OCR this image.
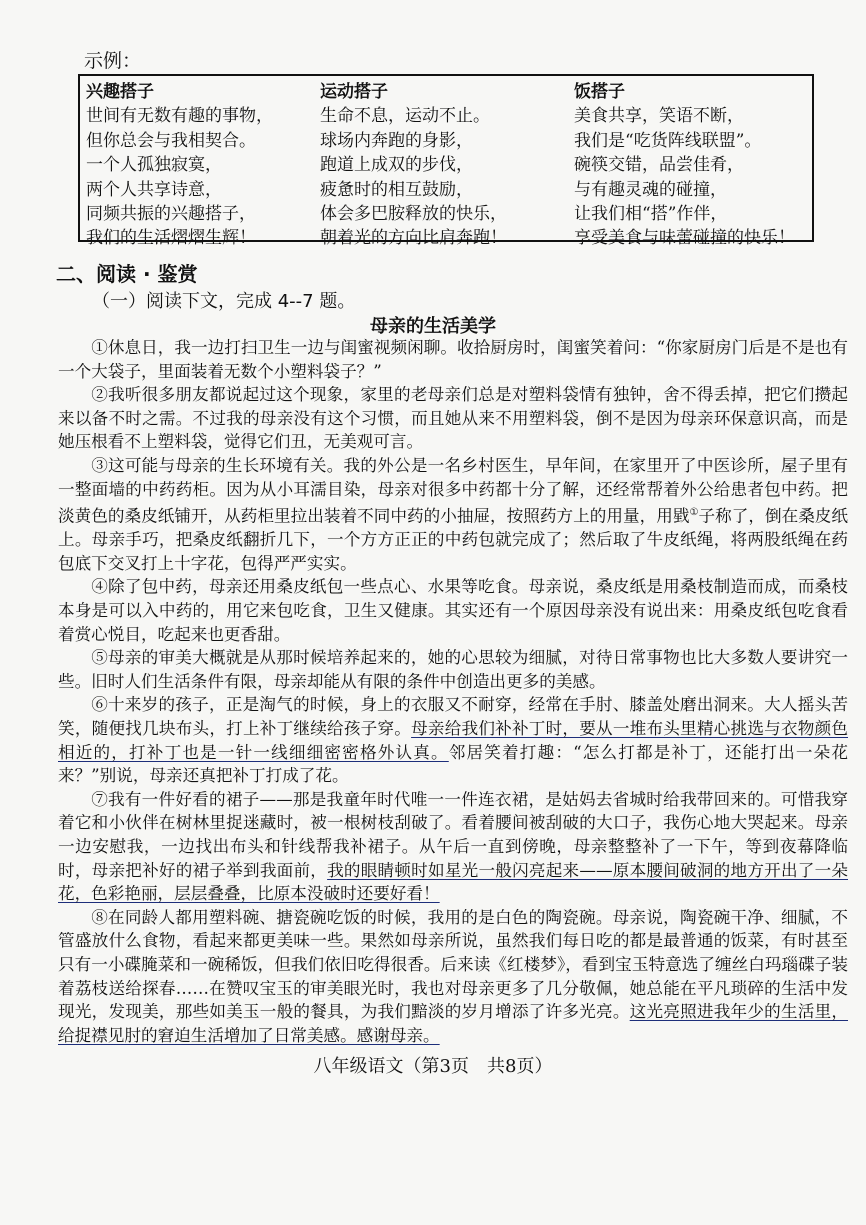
示例：
兴趣搭子
世间有无数有趣的事物，
但你总会与我相契合。
一个人孤独寂寞，
两个人共享诗意，
同频共振的兴趣搭子，
我们的生活熠熠生辉！
运动搭子
生命不息，运动不止。
球场内奔跑的身影，
跑道上成双的步伐，
疲惫时的相互鼓励，
体会多巴胺释放的快乐，
朝着光的方向比肩奔跑！
饭搭子
美食共享，笑语不断，
我们是“吃货阵线联盟”。
碗筷交错，品尝佳肴，
与有趣灵魂的碰撞，
让我们相“搭”作伴，
享受美食与味蕾碰撞的快乐！
二、阅读 · 鉴赏
（一）阅读下文，完成 4--7 题。
母亲的生活美学

①休息日，我一边打扫卫生一边与闺蜜视频闲聊。收拾厨房时，闺蜜笑着问：“你家厨房门后是不是也有一个大袋子，里面装着无数个小塑料袋子？”

②我听很多朋友都说起过这个现象，家里的老母亲们总是对塑料袋情有独钟，舍不得丢掉，把它们攒起来以备不时之需。不过我的母亲没有这个习惯，而且她从来不用塑料袋，倒不是因为母亲环保意识高，而是她压根看不上塑料袋，觉得它们丑，无美观可言。

③这可能与母亲的生长环境有关。我的外公是一名乡村医生，早年间，在家里开了中医诊所，屋子里有一整面墙的中药药柜。因为从小耳濡目染，母亲对很多中药都十分了解，还经常帮着外公给患者包中药。把淡黄色的桑皮纸铺开，从药柜里拉出装着不同中药的小抽屉，按照药方上的用量，用戥①子称了，倒在桑皮纸上。母亲手巧，把桑皮纸翻折几下，一个方方正正的中药包就完成了；然后取了牛皮纸绳，将两股纸绳在药包底下交叉打上十字花，包得严严实实。

④除了包中药，母亲还用桑皮纸包一些点心、水果等吃食。母亲说，桑皮纸是用桑枝制造而成，而桑枝本身是可以入中药的，用它来包吃食，卫生又健康。其实还有一个原因母亲没有说出来：用桑皮纸包吃食看着赏心悦目，吃起来也更香甜。

⑤母亲的审美大概就是从那时候培养起来的，她的心思较为细腻，对待日常事物也比大多数人要讲究一些。旧时人们生活条件有限，母亲却能从有限的条件中创造出更多的美感。

⑥十来岁的孩子，正是淘气的时候，身上的衣服又不耐穿，经常在手肘、膝盖处磨出洞来。大人摇头苦笑，随便找几块布头，打上补丁继续给孩子穿。母亲给我们补补丁时，要从一堆布头里精心挑选与衣物颜色相近的，打补丁也是一针一线细细密密格外认真。邻居笑着打趣：“怎么打都是补丁，还能打出一朵花来？”别说，母亲还真把补丁打成了花。

⑦我有一件好看的裙子——那是我童年时代唯一一件连衣裙，是姑妈去省城时给我带回来的。可惜我穿着它和小伙伴在树林里捉迷藏时，被一根树枝刮破了。看着腰间被刮破的大口子，我伤心地大哭起来。母亲一边安慰我，一边找出布头和针线帮我补裙子。从午后一直到傍晚，母亲整整补了一下午，等到夜幕降临时，母亲把补好的裙子举到我面前，我的眼睛顿时如星光一般闪亮起来——原本腰间破洞的地方开出了一朵花，色彩艳丽，层层叠叠，比原本没破时还要好看！

⑧在同龄人都用塑料碗、搪瓷碗吃饭的时候，我用的是白色的陶瓷碗。母亲说，陶瓷碗干净、细腻，不管盛放什么食物，看起来都更美味一些。果然如母亲所说，虽然我们每日吃的都是最普通的饭菜，有时甚至只有一小碟腌菜和一碗稀饭，但我们依旧吃得很香。后来读《红楼梦》，看到宝玉特意选了缠丝白玛瑙碟子装着荔枝送给探春……在赞叹宝玉的审美眼光时，我也对母亲更多了几分敬佩，她总能在平凡琐碎的生活中发现光，发现美，那些如美玉一般的餐具，为我们黯淡的岁月增添了许多光亮。这光亮照进我年少的生活里，给捉襟见肘的窘迫生活增加了日常美感。感谢母亲。

八年级语文（第3页　共8页）
